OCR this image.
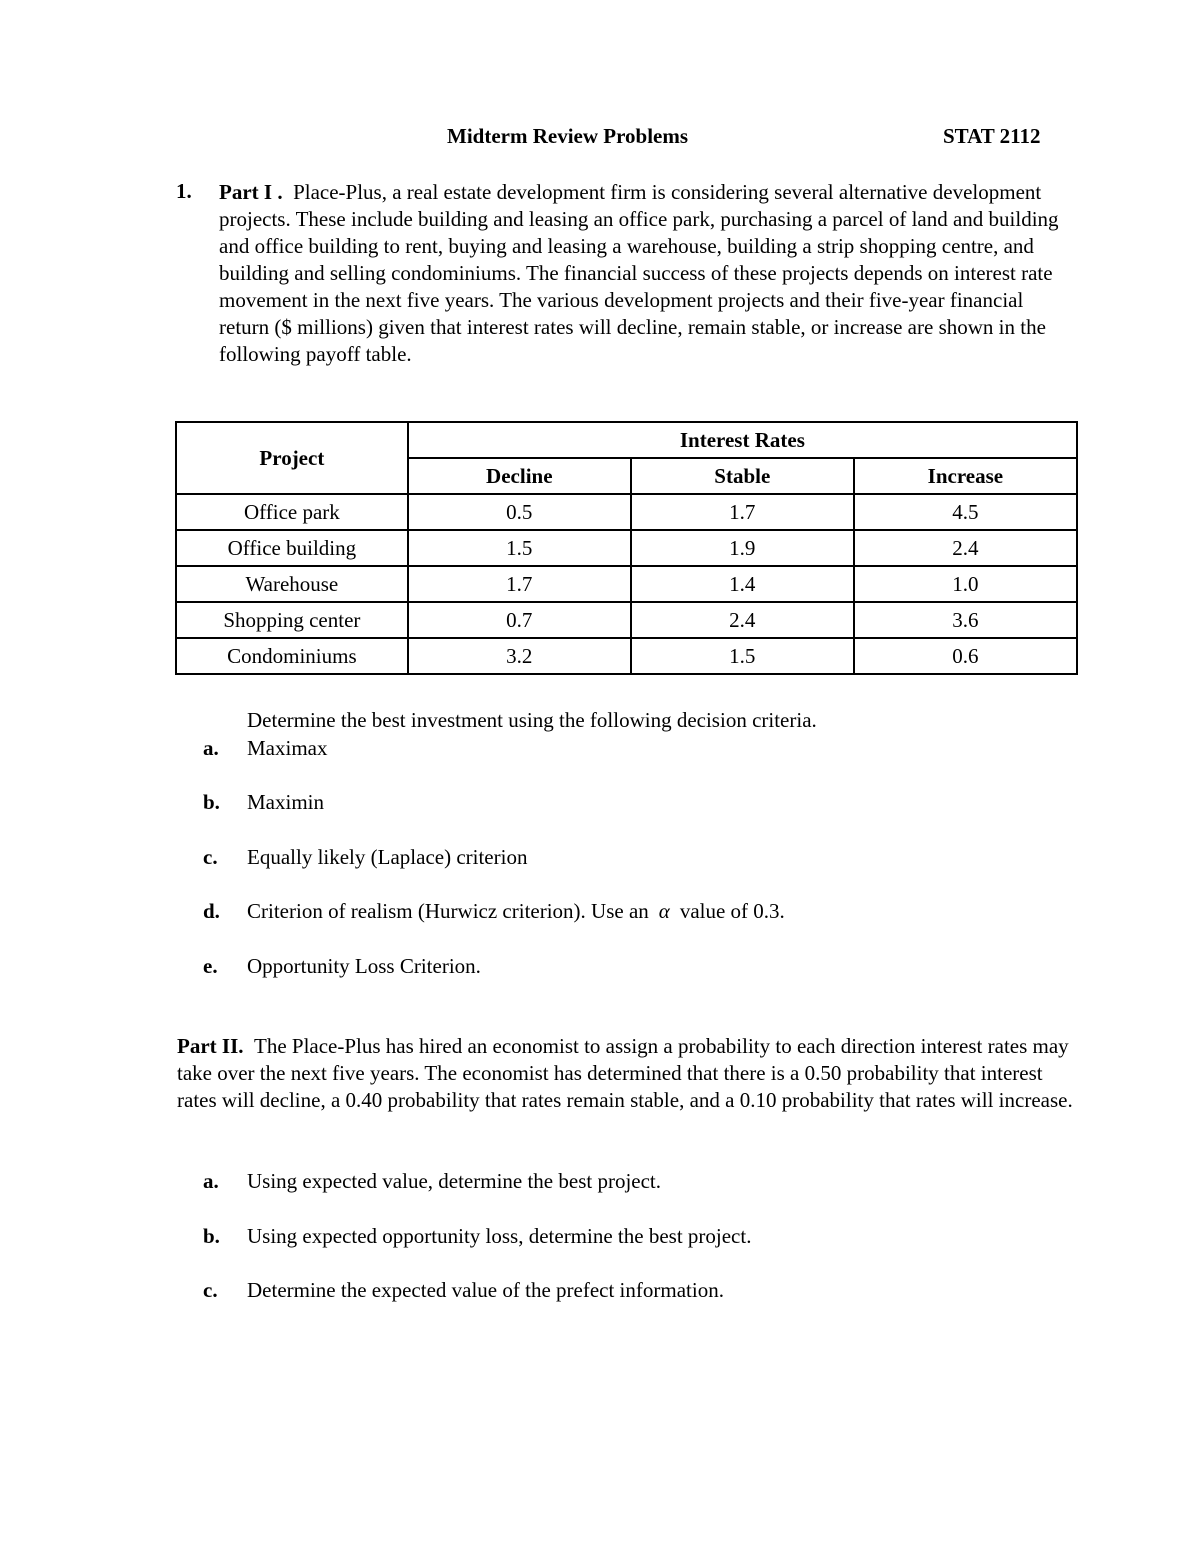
Midterm Review Problems	STAT 2112
1. Part I . Place-Plus, a real estate development firm is considering several alternative development projects. These include building and leasing an office park, purchasing a parcel of land and building and office building to rent, buying and leasing a warehouse, building a strip shopping centre, and building and selling condominiums. The financial success of these projects depends on interest rate movement in the next five years. The various development projects and their five-year financial return ($ millions) given that interest rates will decline, remain stable, or increase are shown in the following payoff table.
Project	Interest Rates		
	Decline	Stable	Increase
Office park	0.5	1.7	4.5
Office building	1.5	1.9	2.4
Warehouse	1.7	1.4	1.0
Shopping center	0.7	2.4	3.6
Condominiums	3.2	1.5	0.6
Determine the best investment using the following decision criteria.
a. Maximax
b. Maximin
c. Equally likely (Laplace) criterion
d. Criterion of realism (Hurwicz criterion). Use an α value of 0.3.
e. Opportunity Loss Criterion.
Part II. The Place-Plus has hired an economist to assign a probability to each direction interest rates may take over the next five years. The economist has determined that there is a 0.50 probability that interest rates will decline, a 0.40 probability that rates remain stable, and a 0.10 probability that rates will increase.
a. Using expected value, determine the best project.
b. Using expected opportunity loss, determine the best project.
c. Determine the expected value of the prefect information.
